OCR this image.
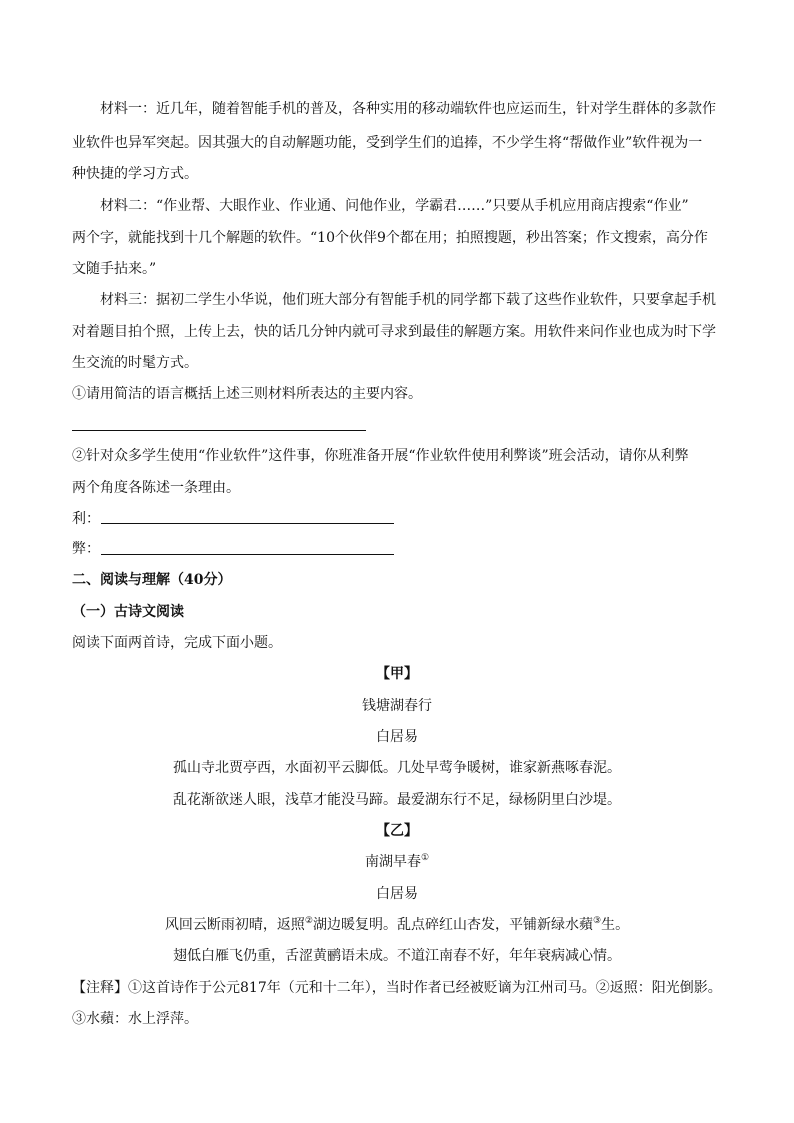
材料一：近几年，随着智能手机的普及，各种实用的移动端软件也应运而生，针对学生群体的多款作
业软件也异军突起。因其强大的自动解题功能，受到学生们的追捧，不少学生将“帮做作业”软件视为一
种快捷的学习方式。
材料二：“作业帮、大眼作业、作业通、问他作业，学霸君……”只要从手机应用商店搜索“作业”
两个字，就能找到十几个解题的软件。“10个伙伴9个都在用；拍照搜题，秒出答案；作文搜索，高分作
文随手拈来。”
材料三：据初二学生小华说，他们班大部分有智能手机的同学都下载了这些作业软件，只要拿起手机
对着题目拍个照，上传上去，快的话几分钟内就可寻求到最佳的解题方案。用软件来问作业也成为时下学
生交流的时髦方式。
①请用简洁的语言概括上述三则材料所表达的主要内容。
②针对众多学生使用“作业软件”这件事，你班准备开展“作业软件使用利弊谈”班会活动，请你从利弊
两个角度各陈述一条理由。
利：
弊：
二、阅读与理解（40分）
（一）古诗文阅读
阅读下面两首诗，完成下面小题。
【甲】
钱塘湖春行
白居易
孤山寺北贾亭西，水面初平云脚低。几处早莺争暖树，谁家新燕啄春泥。
乱花渐欲迷人眼，浅草才能没马蹄。最爱湖东行不足，绿杨阴里白沙堤。
【乙】
南湖早春①
白居易
风回云断雨初晴，返照②湖边暖复明。乱点碎红山杏发，平铺新绿水蘋③生。
翅低白雁飞仍重，舌涩黄鹂语未成。不道江南春不好，年年衰病减心情。
【注释】①这首诗作于公元817年（元和十二年），当时作者已经被贬谪为江州司马。②返照：阳光倒影。
③水蘋：水上浮萍。
